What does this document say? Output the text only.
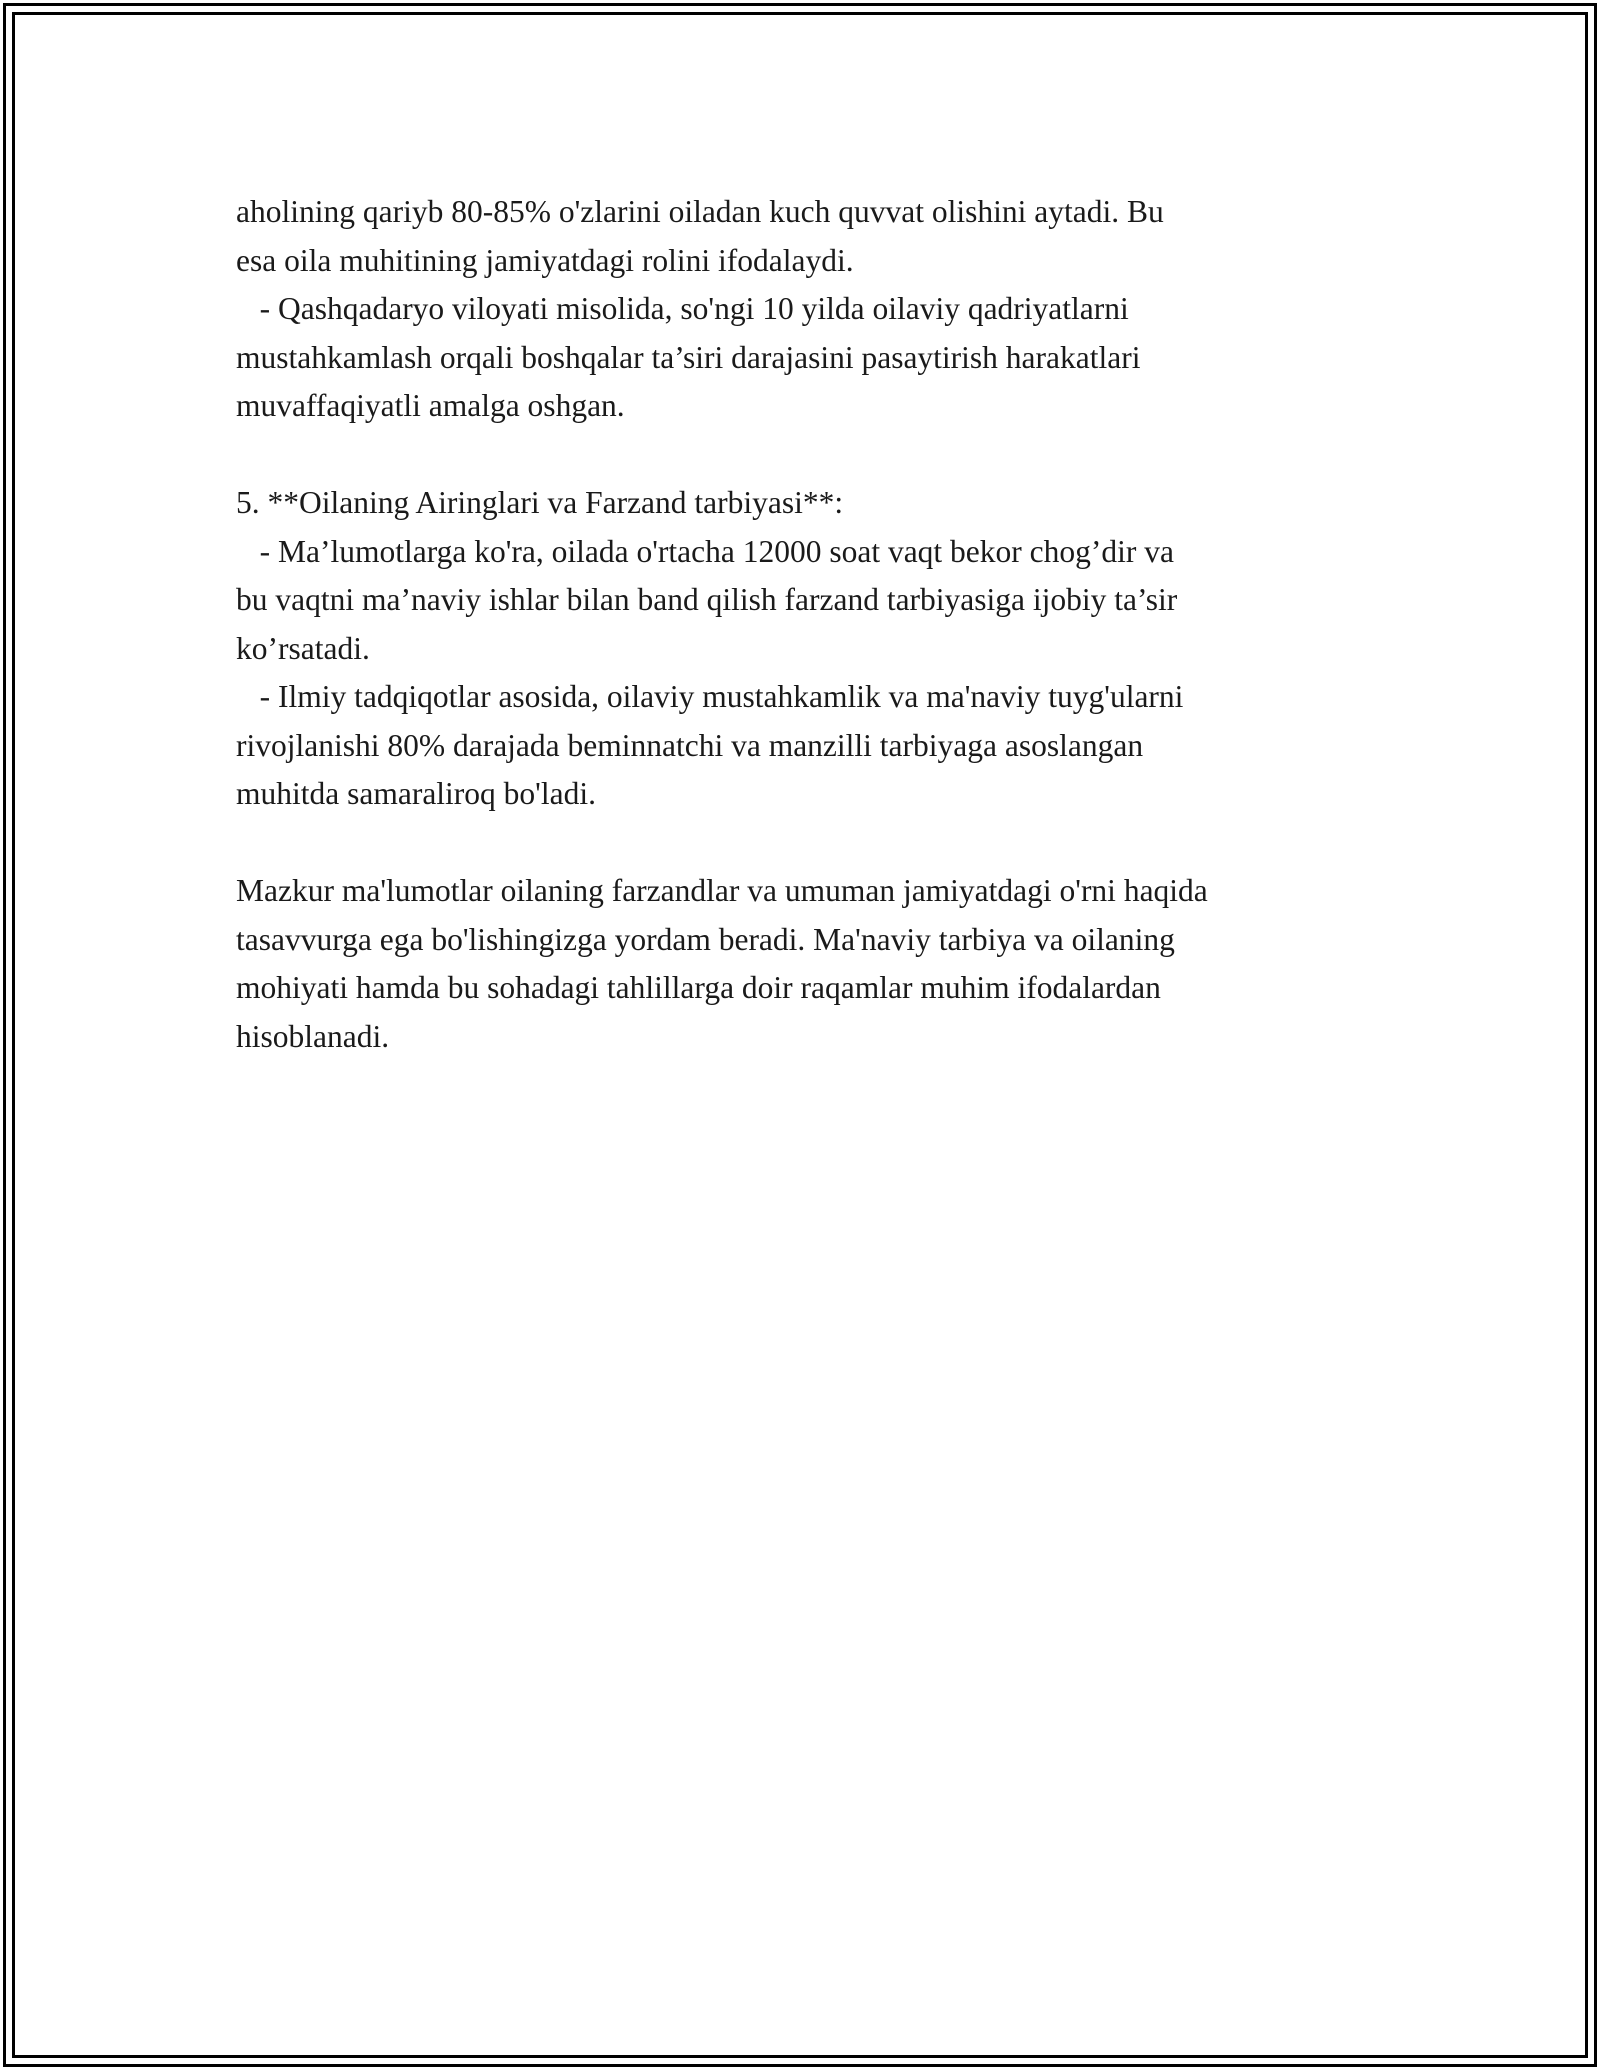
aholining qariyb 80-85% o'zlarini oiladan kuch quvvat olishini aytadi. Bu
esa oila muhitining jamiyatdagi rolini ifodalaydi.
- Qashqadaryo viloyati misolida, so'ngi 10 yilda oilaviy qadriyatlarni
mustahkamlash orqali boshqalar ta’siri darajasini pasaytirish harakatlari
muvaffaqiyatli amalga oshgan.
5. **Oilaning Airinglari va Farzand tarbiyasi**:
- Ma’lumotlarga ko'ra, oilada o'rtacha 12000 soat vaqt bekor chog’dir va
bu vaqtni ma’naviy ishlar bilan band qilish farzand tarbiyasiga ijobiy ta’sir
ko’rsatadi.
- Ilmiy tadqiqotlar asosida, oilaviy mustahkamlik va ma'naviy tuyg'ularni
rivojlanishi 80% darajada beminnatchi va manzilli tarbiyaga asoslangan
muhitda samaraliroq bo'ladi.
Mazkur ma'lumotlar oilaning farzandlar va umuman jamiyatdagi o'rni haqida
tasavvurga ega bo'lishingizga yordam beradi. Ma'naviy tarbiya va oilaning
mohiyati hamda bu sohadagi tahlillarga doir raqamlar muhim ifodalardan
hisoblanadi.
